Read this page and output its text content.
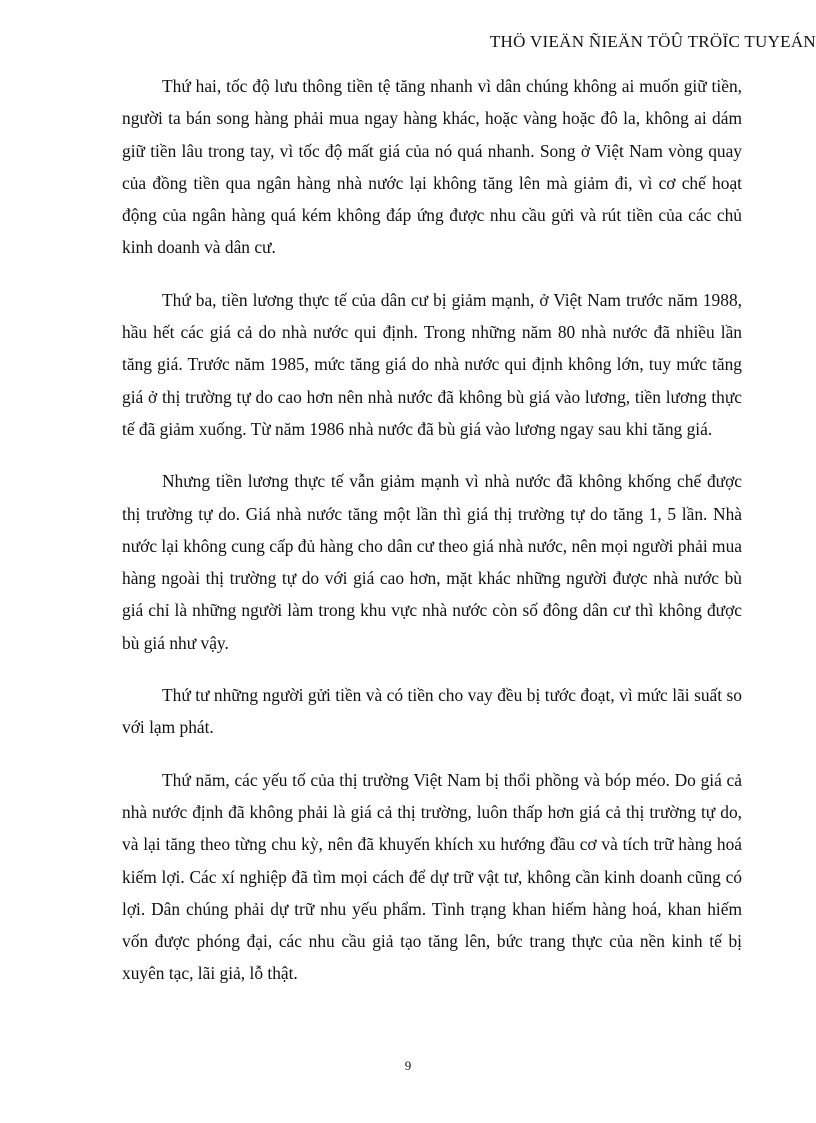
THÖ VIEÄN ÑIEÄN TÖÛ TRÖÏC TUYEÁN

Thứ hai, tốc độ lưu thông tiền tệ tăng nhanh vì dân chúng không ai muốn giữ tiền, người ta bán song hàng phải mua ngay hàng khác, hoặc vàng hoặc đô la, không ai dám giữ tiền lâu trong tay, vì tốc độ mất giá của nó quá nhanh. Song ở Việt Nam vòng quay của đồng tiền qua ngân hàng nhà nước lại không tăng lên mà giảm đi, vì cơ chế hoạt động của ngân hàng quá kém không đáp ứng được nhu cầu gửi và rút tiền của các chủ kinh doanh và dân cư.

Thứ ba, tiền lương thực tế của dân cư bị giảm mạnh, ở Việt Nam trước năm 1988, hầu hết các giá cả do nhà nước qui định. Trong những năm 80 nhà nước đã nhiều lần tăng giá. Trước năm 1985, mức tăng giá do nhà nước qui định không lớn, tuy mức tăng giá ở thị trường tự do cao hơn nên nhà nước đã không bù giá vào lương, tiền lương thực tế đã giảm xuống. Từ năm 1986 nhà nước đã bù giá vào lương ngay sau khi tăng giá.

Nhưng tiền lương thực tế vẫn giảm mạnh vì nhà nước đã không khống chế được thị trường tự do. Giá nhà nước tăng một lần thì giá thị trường tự do tăng 1, 5 lần. Nhà nước lại không cung cấp đủ hàng cho dân cư theo giá nhà nước, nên mọi người phải mua hàng ngoài thị trường tự do với giá cao hơn, mặt khác những người được nhà nước bù giá chỉ là những người làm trong khu vực nhà nước còn số đông dân cư thì không được bù giá như vậy.

Thứ tư những người gửi tiền và có tiền cho vay đều bị tước đoạt, vì mức lãi suất so với lạm phát.

Thứ năm, các yếu tố của thị trường Việt Nam bị thổi phồng và bóp méo. Do giá cả nhà nước định đã không phải là giá cả thị trường, luôn thấp hơn giá cả thị trường tự do, và lại tăng theo từng chu kỳ, nên đã khuyến khích xu hướng đầu cơ và tích trữ hàng hoá kiếm lợi. Các xí nghiệp đã tìm mọi cách để dự trữ vật tư, không cần kinh doanh cũng có lợi. Dân chúng phải dự trữ nhu yếu phẩm. Tình trạng khan hiếm hàng hoá, khan hiếm vốn được phóng đại, các nhu cầu giả tạo tăng lên, bức trang thực của nền kinh tế bị xuyên tạc, lãi giả, lỗ thật.

9
